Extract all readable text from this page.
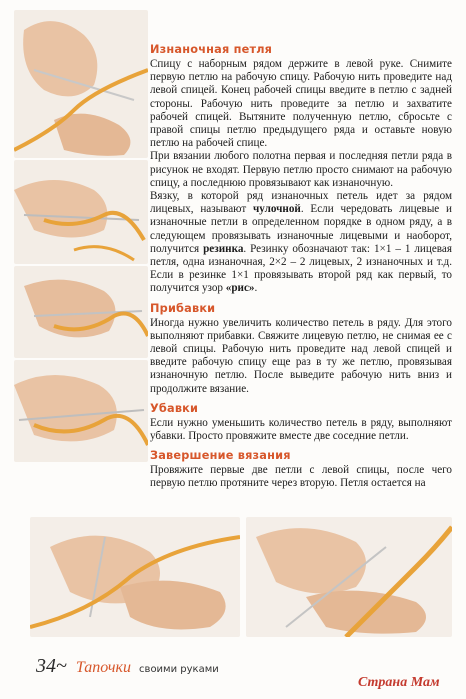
Изнаночная петля

Спицу с наборным рядом держите в левой руке. Снимите первую петлю на рабочую спицу. Рабочую нить проведите над левой спицей. Конец рабочей спицы введите в петлю с задней стороны. Рабочую нить проведите за петлю и захватите рабочей спицей. Вытяните полученную петлю, сбросьте с правой спицы петлю предыдущего ряда и оставьте новую петлю на рабочей спице.

При вязании любого полотна первая и последняя петли ряда в рисунок не входят. Первую петлю просто снимают на рабочую спицу, а последнюю провязывают как изнаночную.

Вязку, в которой ряд изнаночных петель идет за рядом лицевых, называют чулочной. Если чередовать лицевые и изнаночные петли в определенном порядке в одном ряду, а в следующем провязывать изнаночные лицевыми и наоборот, получится резинка. Резинку обозначают так: 1×1 – 1 лицевая петля, одна изнаночная, 2×2 – 2 лицевых, 2 изнаночных и т.д. Если в резинке 1×1 провязывать второй ряд как первый, то получится узор «рис».

Прибавки

Иногда нужно увеличить количество петель в ряду. Для этого выполняют прибавки. Свяжите лицевую петлю, не снимая ее с левой спицы. Рабочую нить проведите над левой спицей и введите рабочую спицу еще раз в ту же петлю, провязывая изнаночную петлю. После выведите рабочую нить вниз и продолжите вязание.

Убавки

Если нужно уменьшить количество петель в ряду, выполняют убавки. Просто провяжите вместе две соседние петли.

Завершение вязания

Провяжите первые две петли с левой спицы, после чего первую петлю протяните через вторую. Петля остается на

34~ Тапочки своими руками
Страна Мам
